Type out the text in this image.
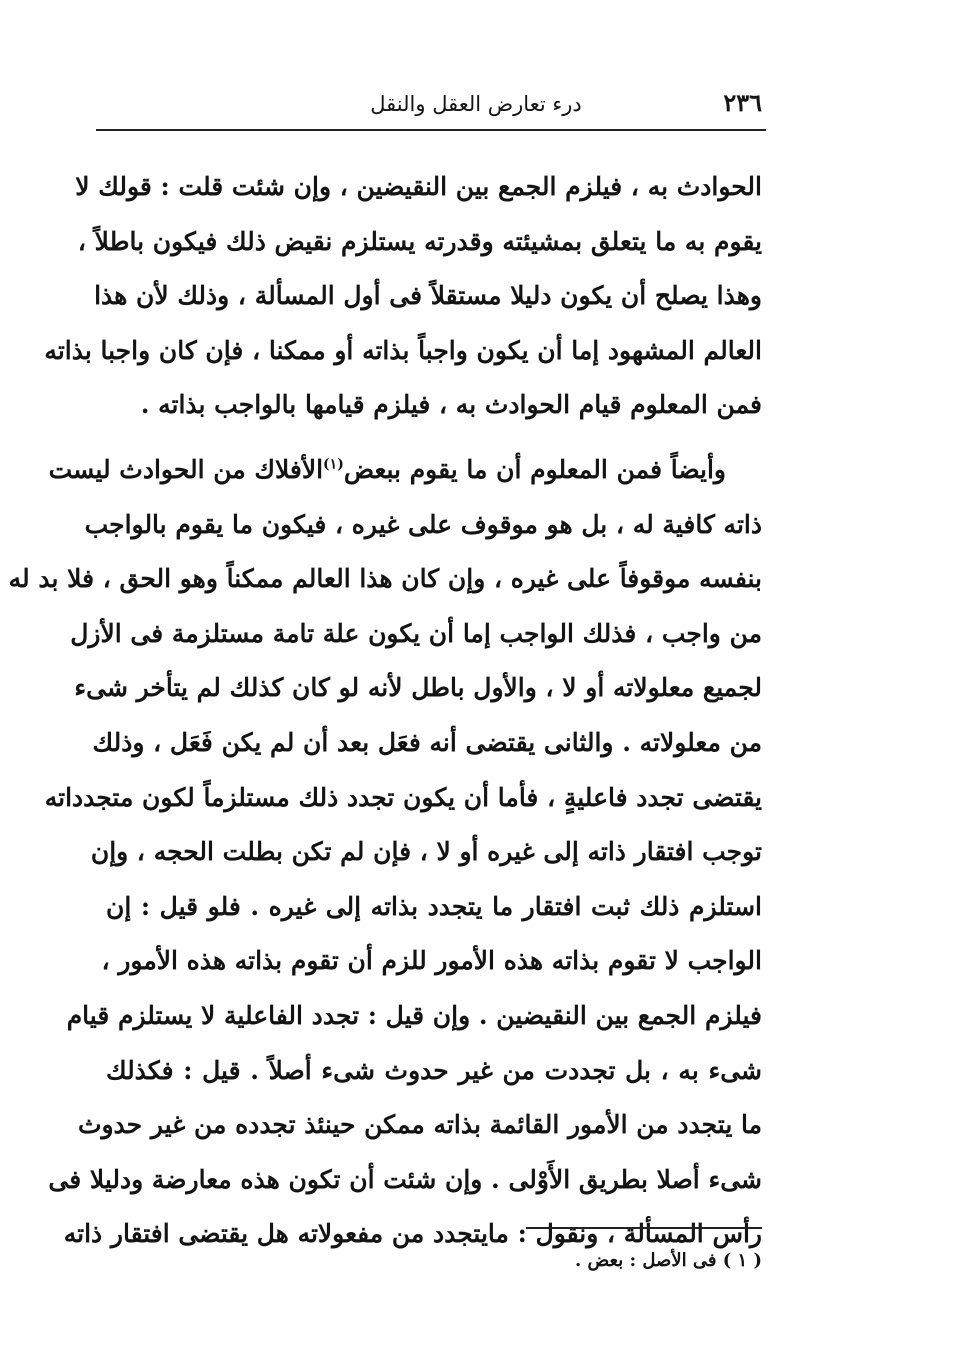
٢٣٦
درء تعارض العقل والنقل
الحوادث به ، فيلزم الجمع بين النقيضين ، وإن شئت قلت : قولك لا
يقوم به ما يتعلق بمشيئته وقدرته يستلزم نقيض ذلك فيكون باطلاً ،
وهذا يصلح أن يكون دليلا مستقلاً فى أول المسألة ، وذلك لأن هذا
العالم المشهود إما أن يكون واجباً بذاته أو ممكنا ، فإن كان واجبا بذاته
فمن المعلوم قيام الحوادث به ، فيلزم قيامها بالواجب بذاته .
وأيضاً فمن المعلوم أن ما يقوم ببعض$^{(١)}$الأفلاك من الحوادث ليست
ذاته كافية له ، بل هو موقوف على غيره ، فيكون ما يقوم بالواجب
بنفسه موقوفاً على غيره ، وإن كان هذا العالم ممكناً وهو الحق ، فلا بد له
من واجب ، فذلك الواجب إما أن يكون علة تامة مستلزمة فى الأزل
لجميع معلولاته أو لا ، والأول باطل لأنه لو كان كذلك لم يتأخر شىء
من معلولاته . والثانى يقتضى أنه فعَل بعد أن لم يكن فَعَل ، وذلك
يقتضى تجدد فاعليةٍ ، فأما أن يكون تجدد ذلك مستلزماً لكون متجدداته
توجب افتقار ذاته إلى غيره أو لا ، فإن لم تكن بطلت الحجه ، وإن
استلزم ذلك ثبت افتقار ما يتجدد بذاته إلى غيره . فلو قيل : إن
الواجب لا تقوم بذاته هذه الأمور للزم أن تقوم بذاته هذه الأمور ،
فيلزم الجمع بين النقيضين . وإن قيل : تجدد الفاعلية لا يستلزم قيام
شىء به ، بل تجددت من غير حدوث شىء أصلاً . قيل : فكذلك
ما يتجدد من الأمور القائمة بذاته ممكن حينئذ تجدده من غير حدوث
شىء أصلا بطريق الأَوْلى . وإن شئت أن تكون هذه معارضة ودليلا فى
رأس المسألة ، ونقول : مايتجدد من مفعولاته هل يقتضى افتقار ذاته
( ١ ) فى الأصل : بعض .
